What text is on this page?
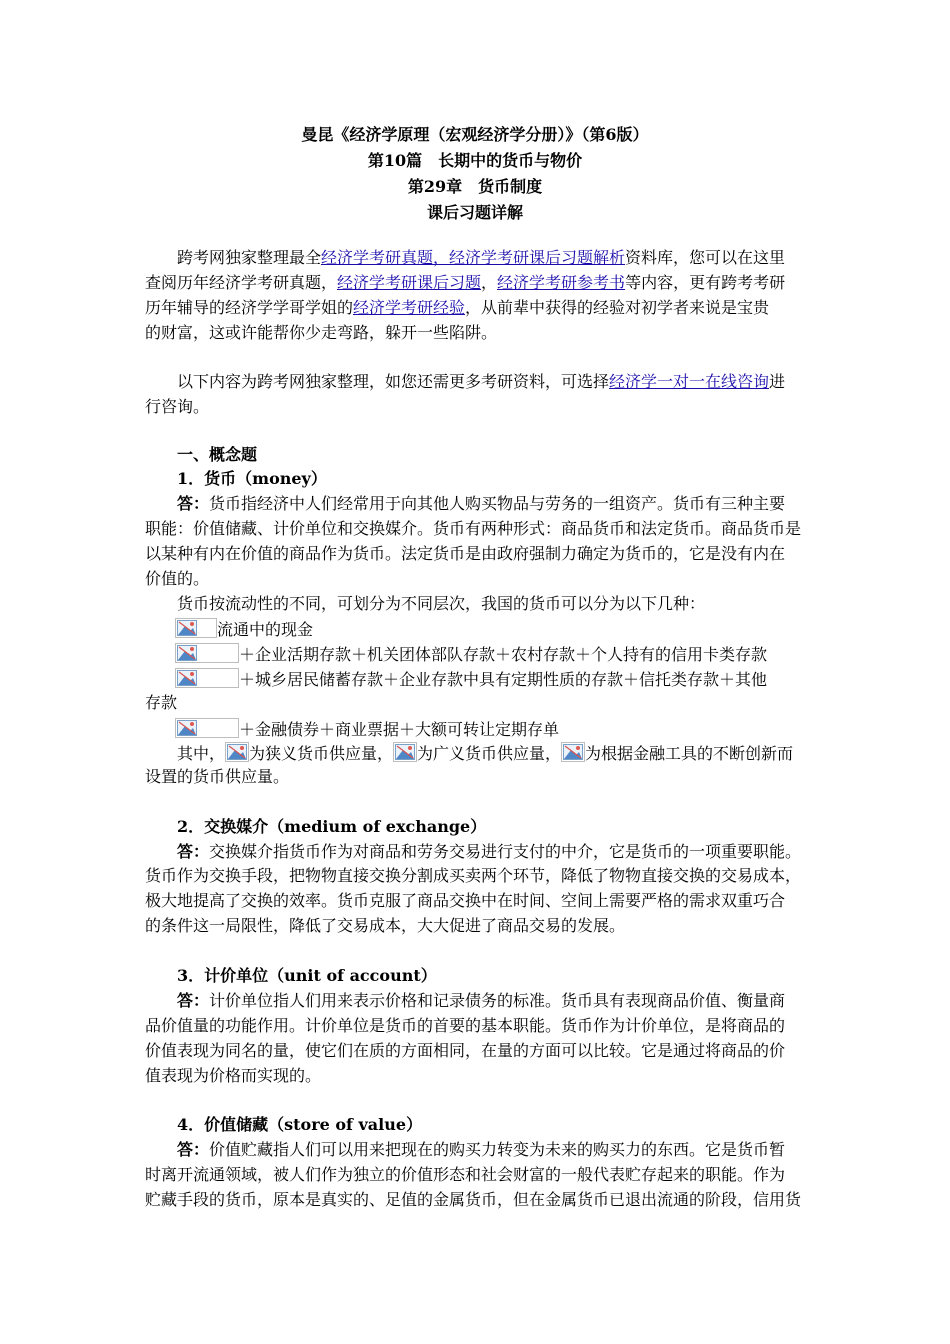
曼昆《经济学原理（宏观经济学分册）》（第6版）
第10篇　长期中的货币与物价
第29章　货币制度
课后习题详解
跨考网独家整理最全经济学考研真题，经济学考研课后习题解析资料库，您可以在这里
查阅历年经济学考研真题，经济学考研课后习题，经济学考研参考书等内容，更有跨考考研
历年辅导的经济学学哥学姐的经济学考研经验，从前辈中获得的经验对初学者来说是宝贵
的财富，这或许能帮你少走弯路，躲开一些陷阱。
以下内容为跨考网独家整理，如您还需更多考研资料，可选择经济学一对一在线咨询进
行咨询。
一、概念题
1．货币（money）
答：货币指经济中人们经常用于向其他人购买物品与劳务的一组资产。货币有三种主要
职能：价值储藏、计价单位和交换媒介。货币有两种形式：商品货币和法定货币。商品货币是
以某种有内在价值的商品作为货币。法定货币是由政府强制力确定为货币的，它是没有内在
价值的。
货币按流动性的不同，可划分为不同层次，我国的货币可以分为以下几种：
流通中的现金
＋企业活期存款＋机关团体部队存款＋农村存款＋个人持有的信用卡类存款
＋城乡居民储蓄存款＋企业存款中具有定期性质的存款＋信托类存款＋其他
存款
＋金融债券＋商业票据＋大额可转让定期存单
其中， 为狭义货币供应量， 为广义货币供应量， 为根据金融工具的不断创新而
设置的货币供应量。
2．交换媒介（medium of exchange）
答：交换媒介指货币作为对商品和劳务交易进行支付的中介，它是货币的一项重要职能。
货币作为交换手段，把物物直接交换分割成买卖两个环节，降低了物物直接交换的交易成本，
极大地提高了交换的效率。货币克服了商品交换中在时间、空间上需要严格的需求双重巧合
的条件这一局限性，降低了交易成本，大大促进了商品交易的发展。
3．计价单位（unit of account）
答：计价单位指人们用来表示价格和记录债务的标准。货币具有表现商品价值、衡量商
品价值量的功能作用。计价单位是货币的首要的基本职能。货币作为计价单位，是将商品的
价值表现为同名的量，使它们在质的方面相同，在量的方面可以比较。它是通过将商品的价
值表现为价格而实现的。
4．价值储藏（store of value）
答：价值贮藏指人们可以用来把现在的购买力转变为未来的购买力的东西。它是货币暂
时离开流通领域，被人们作为独立的价值形态和社会财富的一般代表贮存起来的职能。作为
贮藏手段的货币，原本是真实的、足值的金属货币，但在金属货币已退出流通的阶段，信用货
